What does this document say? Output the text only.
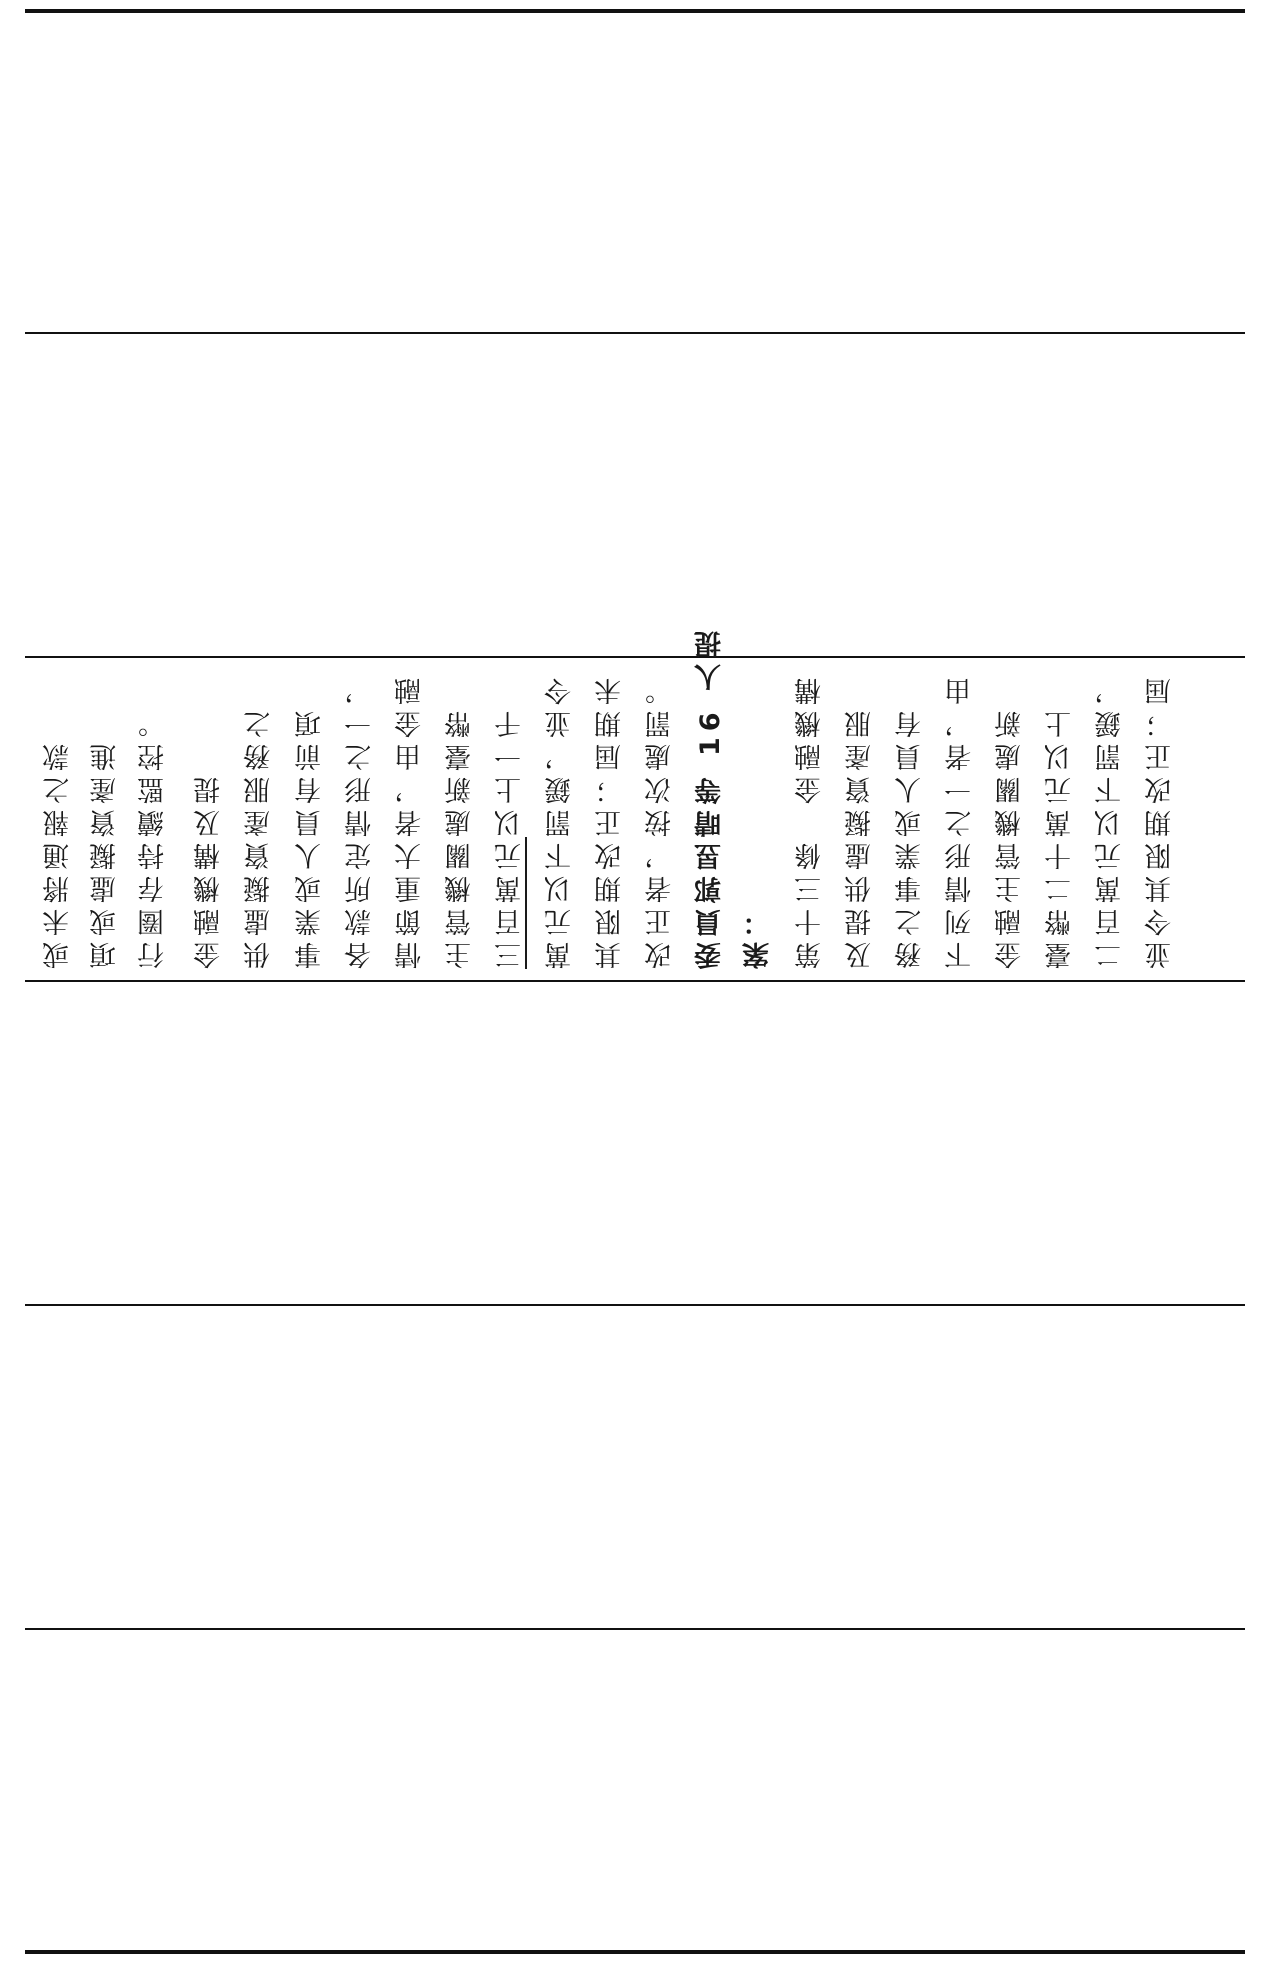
或未將通報之款 項或虛擬資產進 行圈存持續監控。 金融機構及提 供虛擬資產服務之 事業或人員有前項 各款所定情形之一， 情節重大者，由金融 主管機關處新臺幣 三百萬元以上一千 萬元以下罰鍰，並令 其限期改正；屆期未 改正者，按次處罰。 委員郭昱晴等 16 人提 案： 第十三條　金融機構 及提供虛擬資產服 務之事業或人員有 下列情形之一者，由 金融主管機關處新 臺幣二十萬元以上 二百萬元以下罰鍰， 並令其限期改正；屆
